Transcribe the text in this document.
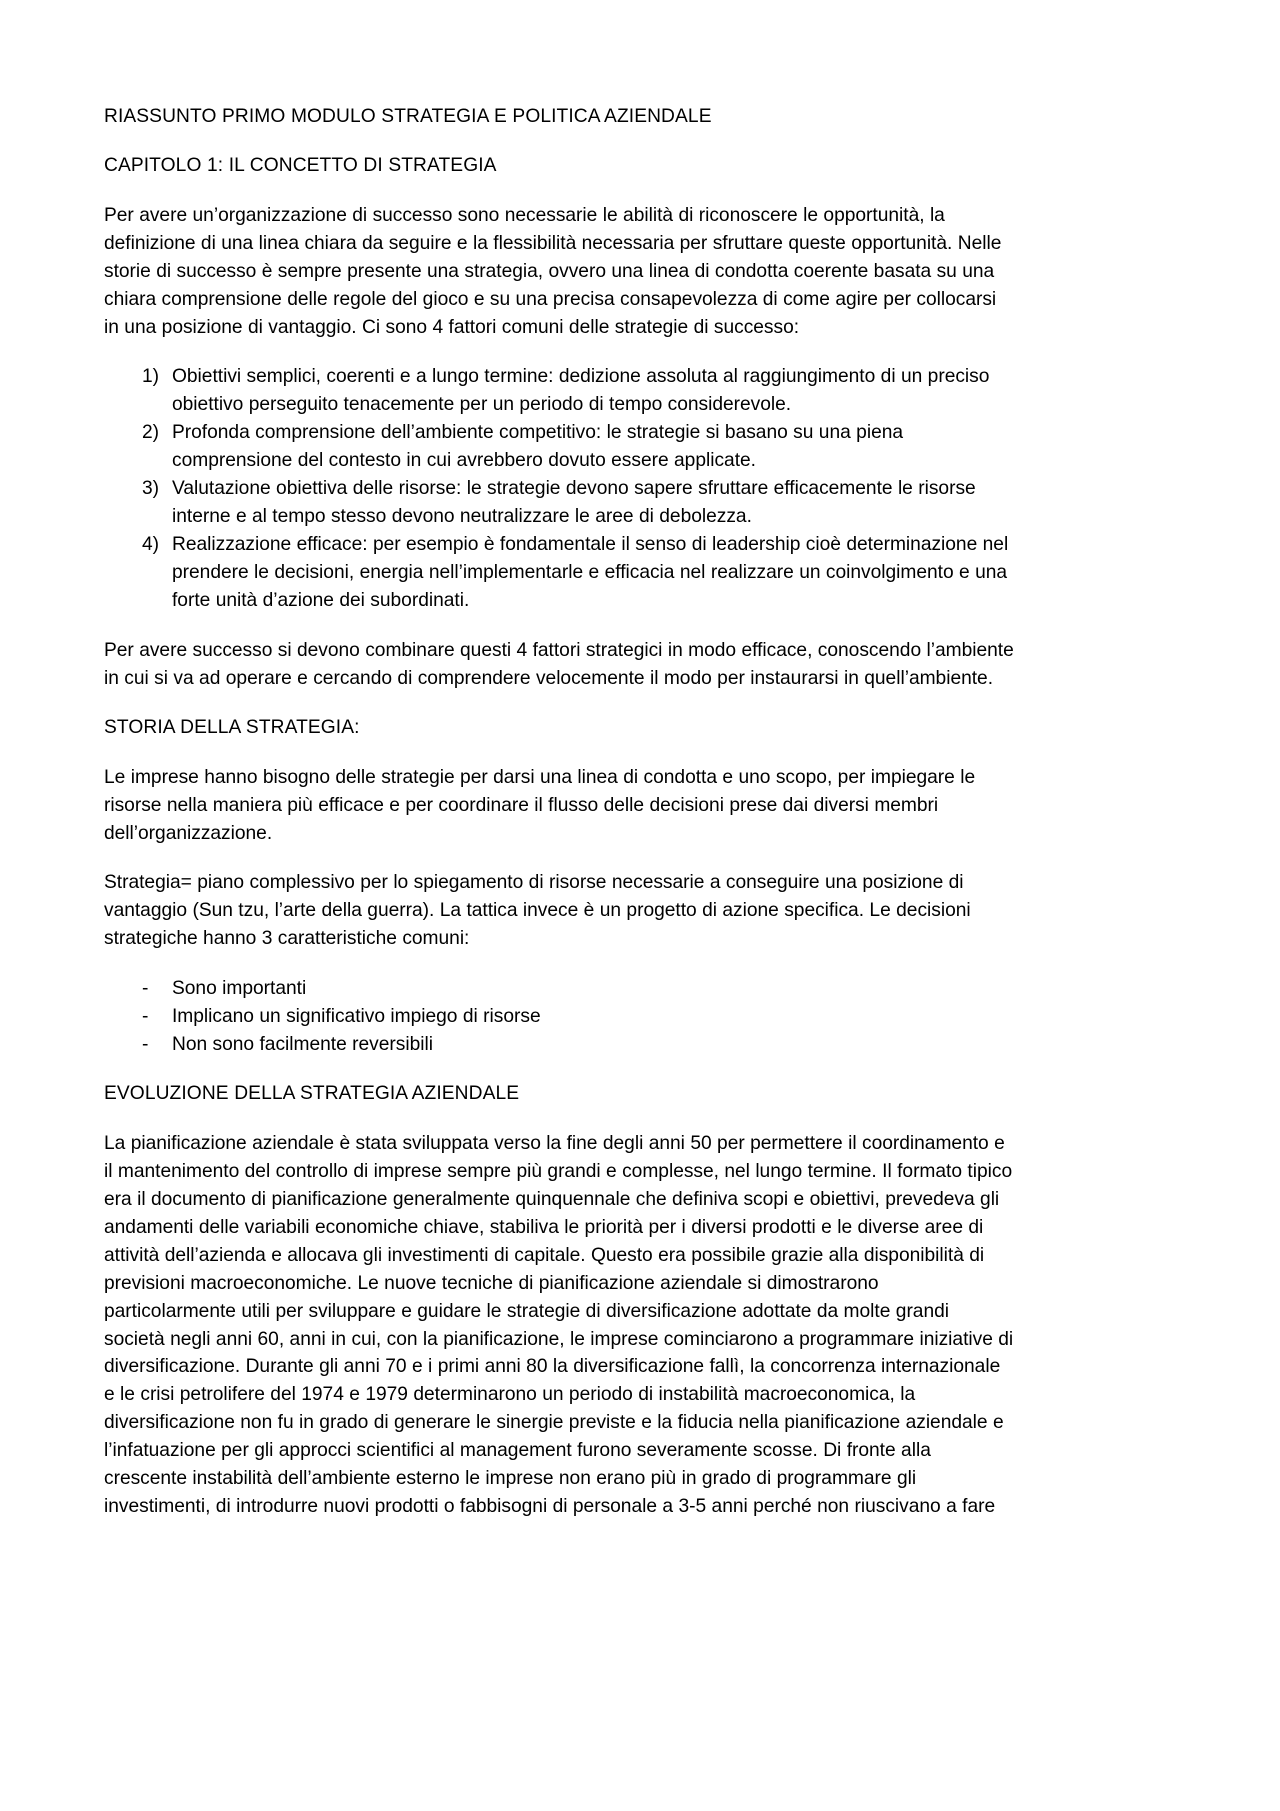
RIASSUNTO PRIMO MODULO STRATEGIA E POLITICA AZIENDALE

CAPITOLO 1: IL CONCETTO DI STRATEGIA

Per avere un’organizzazione di successo sono necessarie le abilità di riconoscere le opportunità, la definizione di una linea chiara da seguire e la flessibilità necessaria per sfruttare queste opportunità. Nelle storie di successo è sempre presente una strategia, ovvero una linea di condotta coerente basata su una chiara comprensione delle regole del gioco e su una precisa consapevolezza di come agire per collocarsi in una posizione di vantaggio. Ci sono 4 fattori comuni delle strategie di successo:

1) Obiettivi semplici, coerenti e a lungo termine: dedizione assoluta al raggiungimento di un preciso obiettivo perseguito tenacemente per un periodo di tempo considerevole.
2) Profonda comprensione dell’ambiente competitivo: le strategie si basano su una piena comprensione del contesto in cui avrebbero dovuto essere applicate.
3) Valutazione obiettiva delle risorse: le strategie devono sapere sfruttare efficacemente le risorse interne e al tempo stesso devono neutralizzare le aree di debolezza.
4) Realizzazione efficace: per esempio è fondamentale il senso di leadership cioè determinazione nel prendere le decisioni, energia nell’implementarle e efficacia nel realizzare un coinvolgimento e una forte unità d’azione dei subordinati.

Per avere successo si devono combinare questi 4 fattori strategici in modo efficace, conoscendo l’ambiente in cui si va ad operare e cercando di comprendere velocemente il modo per instaurarsi in quell’ambiente.

STORIA DELLA STRATEGIA:

Le imprese hanno bisogno delle strategie per darsi una linea di condotta e uno scopo, per impiegare le risorse nella maniera più efficace e per coordinare il flusso delle decisioni prese dai diversi membri dell’organizzazione.

Strategia= piano complessivo per lo spiegamento di risorse necessarie a conseguire una posizione di vantaggio (Sun tzu, l’arte della guerra). La tattica invece è un progetto di azione specifica. Le decisioni strategiche hanno 3 caratteristiche comuni:

- Sono importanti
- Implicano un significativo impiego di risorse
- Non sono facilmente reversibili

EVOLUZIONE DELLA STRATEGIA AZIENDALE

La pianificazione aziendale è stata sviluppata verso la fine degli anni 50 per permettere il coordinamento e il mantenimento del controllo di imprese sempre più grandi e complesse, nel lungo termine. Il formato tipico era il documento di pianificazione generalmente quinquennale che definiva scopi e obiettivi, prevedeva gli andamenti delle variabili economiche chiave, stabiliva le priorità per i diversi prodotti e le diverse aree di attività dell’azienda e allocava gli investimenti di capitale. Questo era possibile grazie alla disponibilità di previsioni macroeconomiche. Le nuove tecniche di pianificazione aziendale si dimostrarono particolarmente utili per sviluppare e guidare le strategie di diversificazione adottate da molte grandi società negli anni 60, anni in cui, con la pianificazione, le imprese cominciarono a programmare iniziative di diversificazione. Durante gli anni 70 e i primi anni 80 la diversificazione fallì, la concorrenza internazionale e le crisi petrolifere del 1974 e 1979 determinarono un periodo di instabilità macroeconomica, la diversificazione non fu in grado di generare le sinergie previste e la fiducia nella pianificazione aziendale e l’infatuazione per gli approcci scientifici al management furono severamente scosse. Di fronte alla crescente instabilità dell’ambiente esterno le imprese non erano più in grado di programmare gli investimenti, di introdurre nuovi prodotti o fabbisogni di personale a 3-5 anni perché non riuscivano a fare
